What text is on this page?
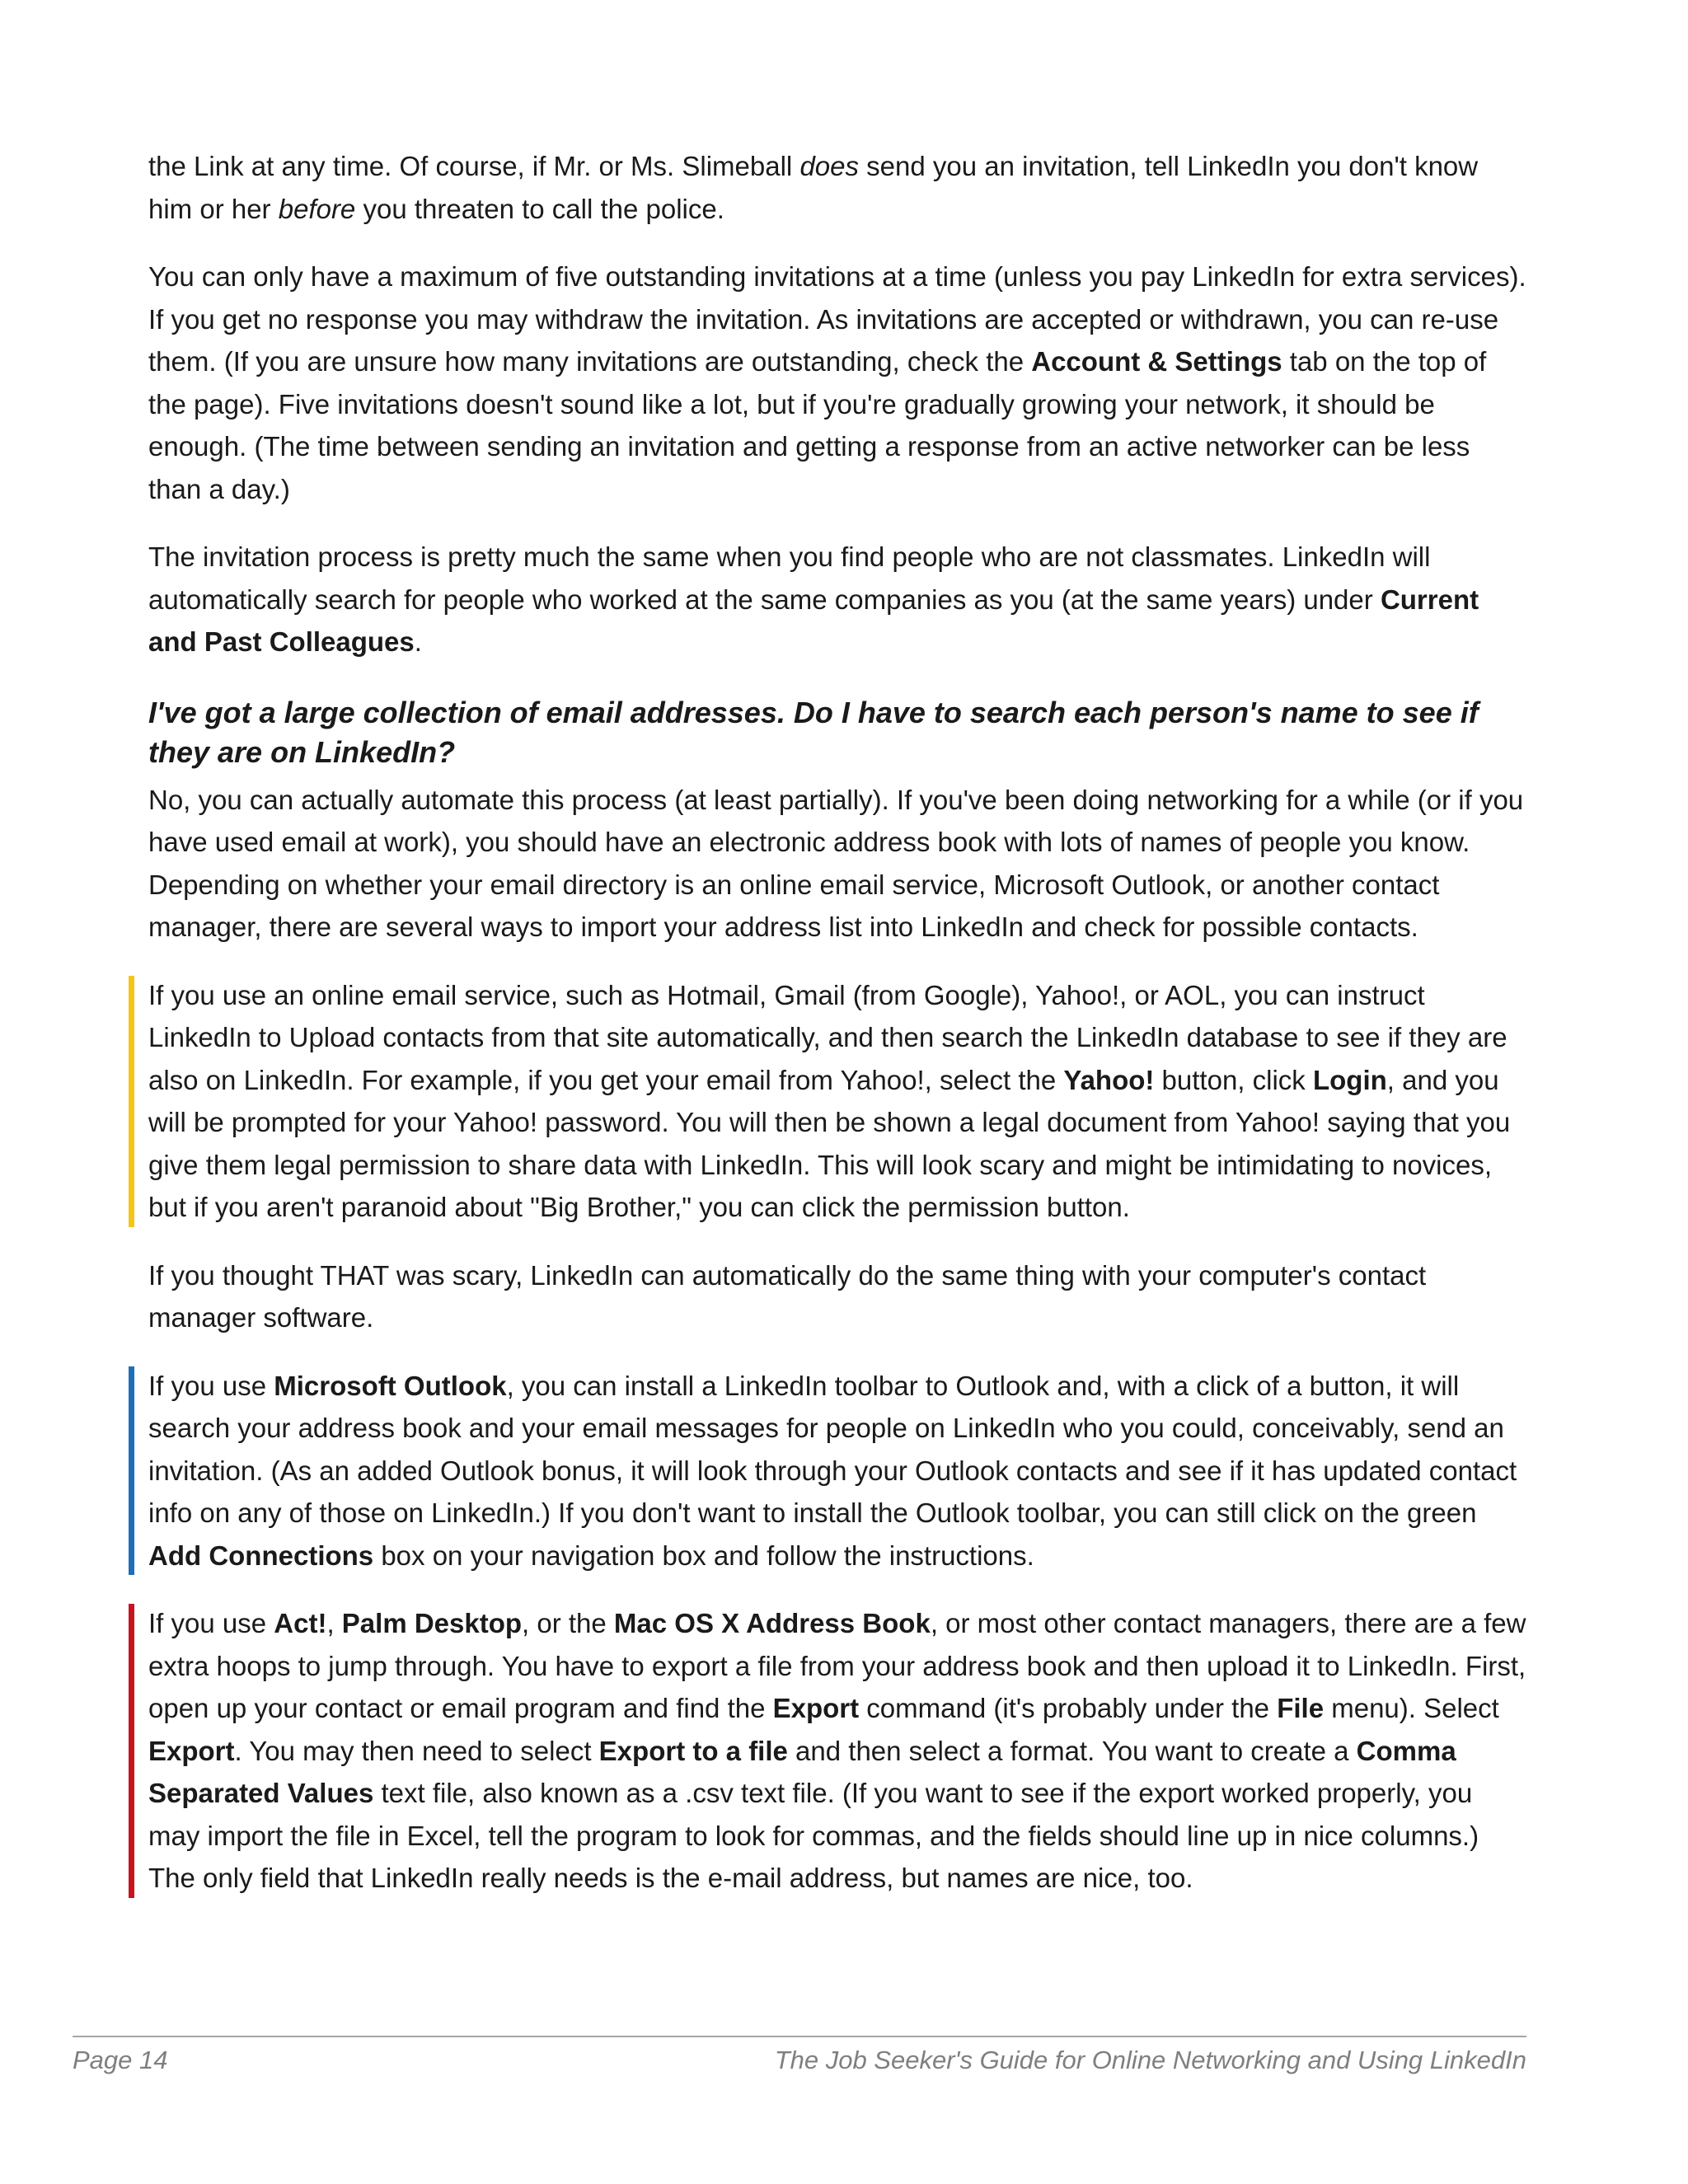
the Link at any time. Of course, if Mr. or Ms. Slimeball does send you an invitation, tell LinkedIn you don't know him or her before you threaten to call the police.

You can only have a maximum of five outstanding invitations at a time (unless you pay LinkedIn for extra services). If you get no response you may withdraw the invitation. As invitations are accepted or withdrawn, you can re-use them. (If you are unsure how many invitations are outstanding, check the Account & Settings tab on the top of the page). Five invitations doesn't sound like a lot, but if you're gradually growing your network, it should be enough. (The time between sending an invitation and getting a response from an active networker can be less than a day.)

The invitation process is pretty much the same when you find people who are not classmates. LinkedIn will automatically search for people who worked at the same companies as you (at the same years) under Current and Past Colleagues.

I've got a large collection of email addresses. Do I have to search each person's name to see if they are on LinkedIn?

No, you can actually automate this process (at least partially). If you've been doing networking for a while (or if you have used email at work), you should have an electronic address book with lots of names of people you know. Depending on whether your email directory is an online email service, Microsoft Outlook, or another contact manager, there are several ways to import your address list into LinkedIn and check for possible contacts.

If you use an online email service, such as Hotmail, Gmail (from Google), Yahoo!, or AOL, you can instruct LinkedIn to Upload contacts from that site automatically, and then search the LinkedIn database to see if they are also on LinkedIn. For example, if you get your email from Yahoo!, select the Yahoo! button, click Login, and you will be prompted for your Yahoo! password. You will then be shown a legal document from Yahoo! saying that you give them legal permission to share data with LinkedIn. This will look scary and might be intimidating to novices, but if you aren't paranoid about "Big Brother," you can click the permission button.

If you thought THAT was scary, LinkedIn can automatically do the same thing with your computer's contact manager software.

If you use Microsoft Outlook, you can install a LinkedIn toolbar to Outlook and, with a click of a button, it will search your address book and your email messages for people on LinkedIn who you could, conceivably, send an invitation. (As an added Outlook bonus, it will look through your Outlook contacts and see if it has updated contact info on any of those on LinkedIn.) If you don't want to install the Outlook toolbar, you can still click on the green Add Connections box on your navigation box and follow the instructions.

If you use Act!, Palm Desktop, or the Mac OS X Address Book, or most other contact managers, there are a few extra hoops to jump through. You have to export a file from your address book and then upload it to LinkedIn. First, open up your contact or email program and find the Export command (it's probably under the File menu). Select Export. You may then need to select Export to a file and then select a format. You want to create a Comma Separated Values text file, also known as a .csv text file. (If you want to see if the export worked properly, you may import the file in Excel, tell the program to look for commas, and the fields should line up in nice columns.) The only field that LinkedIn really needs is the e-mail address, but names are nice, too.

Page 14	The Job Seeker's Guide for Online Networking and Using LinkedIn
